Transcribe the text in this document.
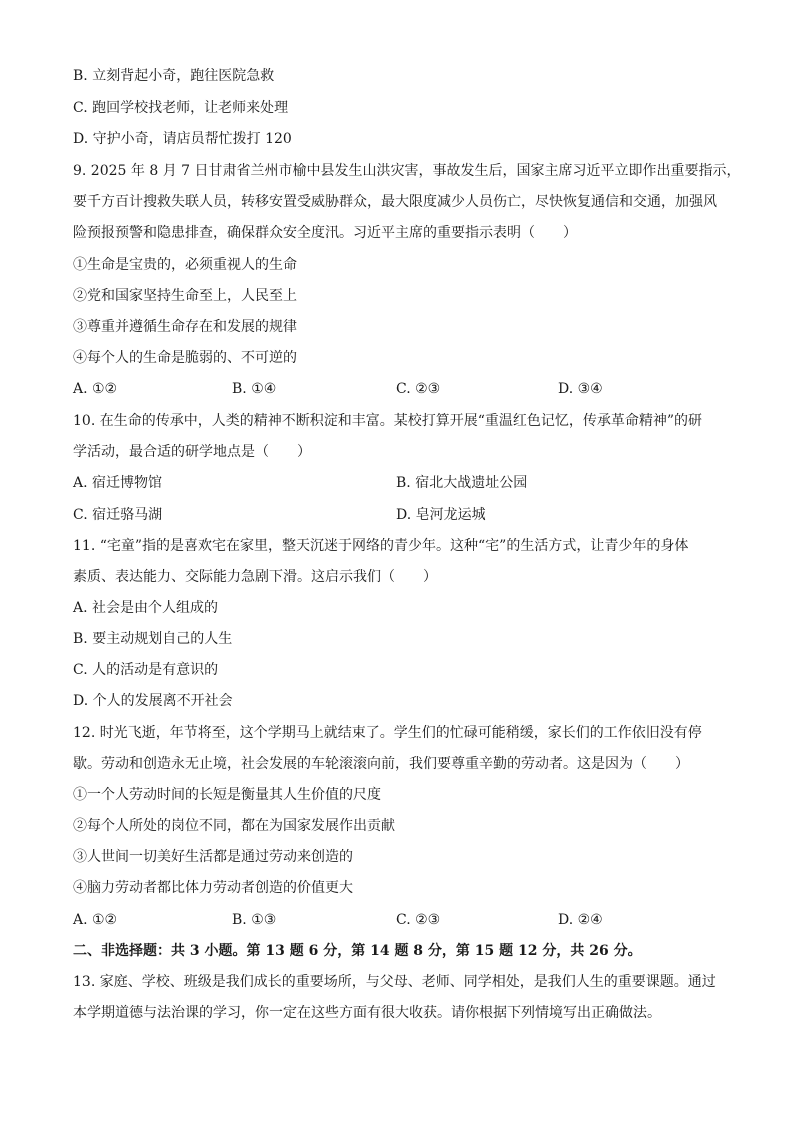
B. 立刻背起小奇，跑往医院急救
C. 跑回学校找老师，让老师来处理
D. 守护小奇，请店员帮忙拨打 120
9. 2025 年 8 月 7 日甘肃省兰州市榆中县发生山洪灾害，事故发生后，国家主席习近平立即作出重要指示，
要千方百计搜救失联人员，转移安置受威胁群众，最大限度减少人员伤亡，尽快恢复通信和交通，加强风
险预报预警和隐患排查，确保群众安全度汛。习近平主席的重要指示表明（　　）
①生命是宝贵的，必须重视人的生命
②党和国家坚持生命至上，人民至上
③尊重并遵循生命存在和发展的规律
④每个人的生命是脆弱的、不可逆的
A. ①②	B. ①④	C. ②③	D. ③④
10. 在生命的传承中，人类的精神不断积淀和丰富。某校打算开展“重温红色记忆，传承革命精神”的研
学活动，最合适的研学地点是（　　）
A. 宿迁博物馆	B. 宿北大战遗址公园
C. 宿迁骆马湖	D. 皂河龙运城
11. “宅童”指的是喜欢宅在家里，整天沉迷于网络的青少年。这种“宅”的生活方式，让青少年的身体
素质、表达能力、交际能力急剧下滑。这启示我们（　　）
A. 社会是由个人组成的
B. 要主动规划自己的人生
C. 人的活动是有意识的
D. 个人的发展离不开社会
12. 时光飞逝，年节将至，这个学期马上就结束了。学生们的忙碌可能稍缓，家长们的工作依旧没有停
歇。劳动和创造永无止境，社会发展的车轮滚滚向前，我们要尊重辛勤的劳动者。这是因为（　　）
①一个人劳动时间的长短是衡量其人生价值的尺度
②每个人所处的岗位不同，都在为国家发展作出贡献
③人世间一切美好生活都是通过劳动来创造的
④脑力劳动者都比体力劳动者创造的价值更大
A. ①②	B. ①③	C. ②③	D. ②④
二、非选择题：共 3 小题。第 13 题 6 分，第 14 题 8 分，第 15 题 12 分，共 26 分。
13. 家庭、学校、班级是我们成长的重要场所，与父母、老师、同学相处，是我们人生的重要课题。通过
本学期道德与法治课的学习，你一定在这些方面有很大收获。请你根据下列情境写出正确做法。
